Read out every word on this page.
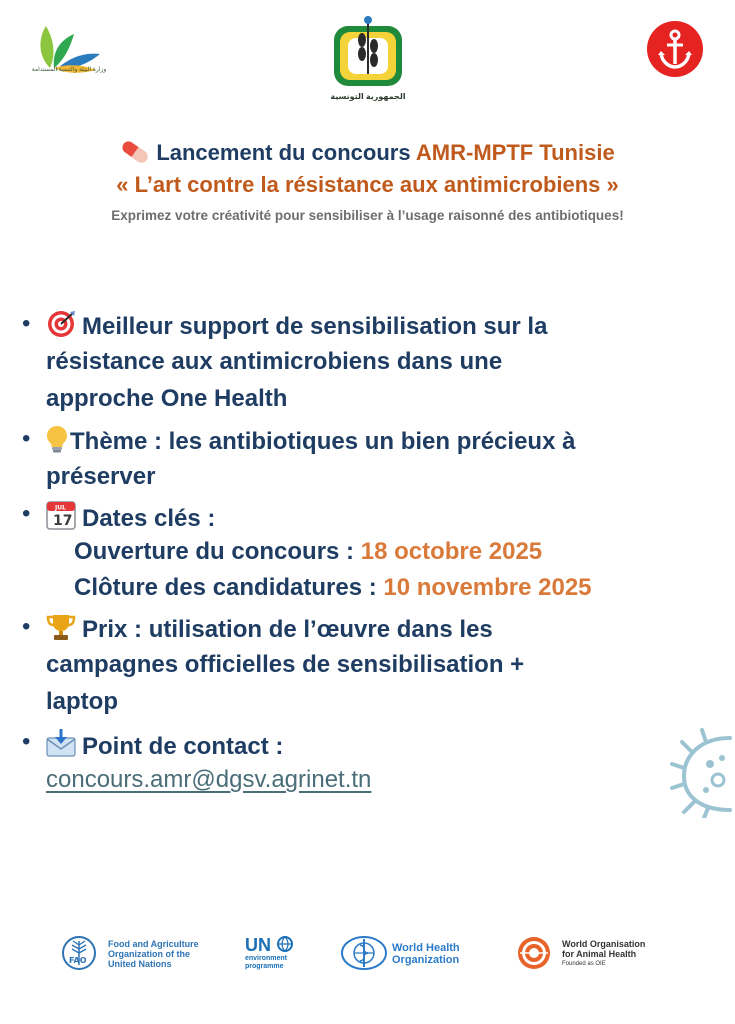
وزارة البيئة والتنمية المستدامة
الجمهورية التونسية
Lancement du concours AMR-MPTF Tunisie
« L’art contre la résistance aux antimicrobiens »
Exprimez votre créativité pour sensibiliser à l’usage raisonné des antibiotiques!
•	Meilleur support de sensibilisation sur la
résistance aux antimicrobiens dans une
approche One Health
•	Thème : les antibiotiques un bien précieux à
préserver
•	JUL
17 Dates clés :
Ouverture du concours : 18 octobre 2025
Clôture des candidatures : 10 novembre 2025
•	Prix : utilisation de l’œuvre dans les
campagnes officielles de sensibilisation +
laptop
•	Point de contact :
concours.amr@dgsv.agrinet.tn
FAO
Food and Agriculture
Organization of the
United Nations
UN
environment
programme
World Health
Organization
World Organisation
for Animal Health
Founded as OIE
